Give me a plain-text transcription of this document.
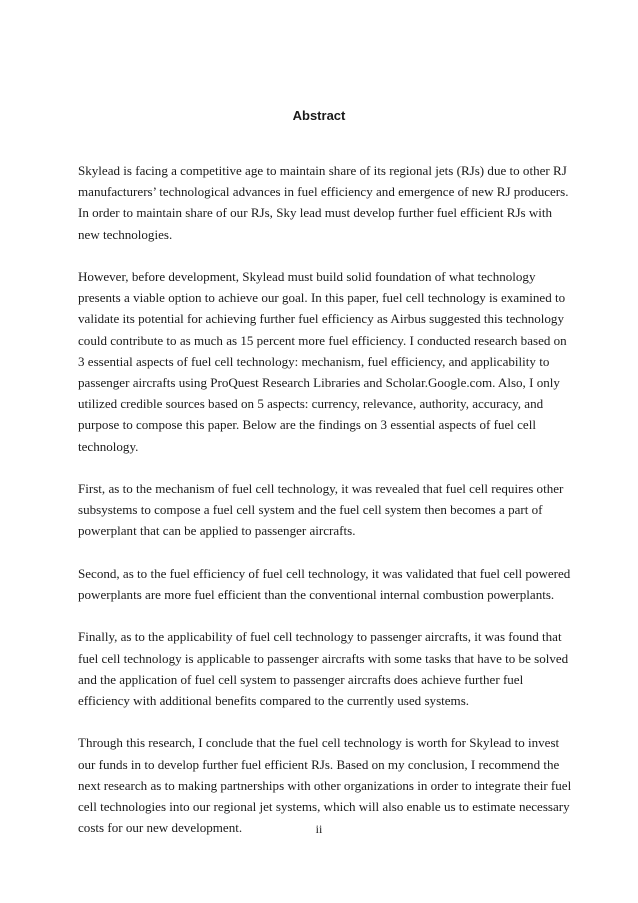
Abstract

Skylead is facing a competitive age to maintain share of its regional jets (RJs) due to other RJ manufacturers’ technological advances in fuel efficiency and emergence of new RJ producers. In order to maintain share of our RJs, Sky lead must develop further fuel efficient RJs with new technologies.

However, before development, Skylead must build solid foundation of what technology presents a viable option to achieve our goal. In this paper, fuel cell technology is examined to validate its potential for achieving further fuel efficiency as Airbus suggested this technology could contribute to as much as 15 percent more fuel efficiency. I conducted research based on 3 essential aspects of fuel cell technology: mechanism, fuel efficiency, and applicability to passenger aircrafts using ProQuest Research Libraries and Scholar.Google.com. Also, I only utilized credible sources based on 5 aspects: currency, relevance, authority, accuracy, and purpose to compose this paper. Below are the findings on 3 essential aspects of fuel cell technology.

First, as to the mechanism of fuel cell technology, it was revealed that fuel cell requires other subsystems to compose a fuel cell system and the fuel cell system then becomes a part of powerplant that can be applied to passenger aircrafts.

Second, as to the fuel efficiency of fuel cell technology, it was validated that fuel cell powered powerplants are more fuel efficient than the conventional internal combustion powerplants.

Finally, as to the applicability of fuel cell technology to passenger aircrafts, it was found that fuel cell technology is applicable to passenger aircrafts with some tasks that have to be solved and the application of fuel cell system to passenger aircrafts does achieve further fuel efficiency with additional benefits compared to the currently used systems.

Through this research, I conclude that the fuel cell technology is worth for Skylead to invest our funds in to develop further fuel efficient RJs. Based on my conclusion, I recommend the next research as to making partnerships with other organizations in order to integrate their fuel cell technologies into our regional jet systems, which will also enable us to estimate necessary costs for our new development.	ii
